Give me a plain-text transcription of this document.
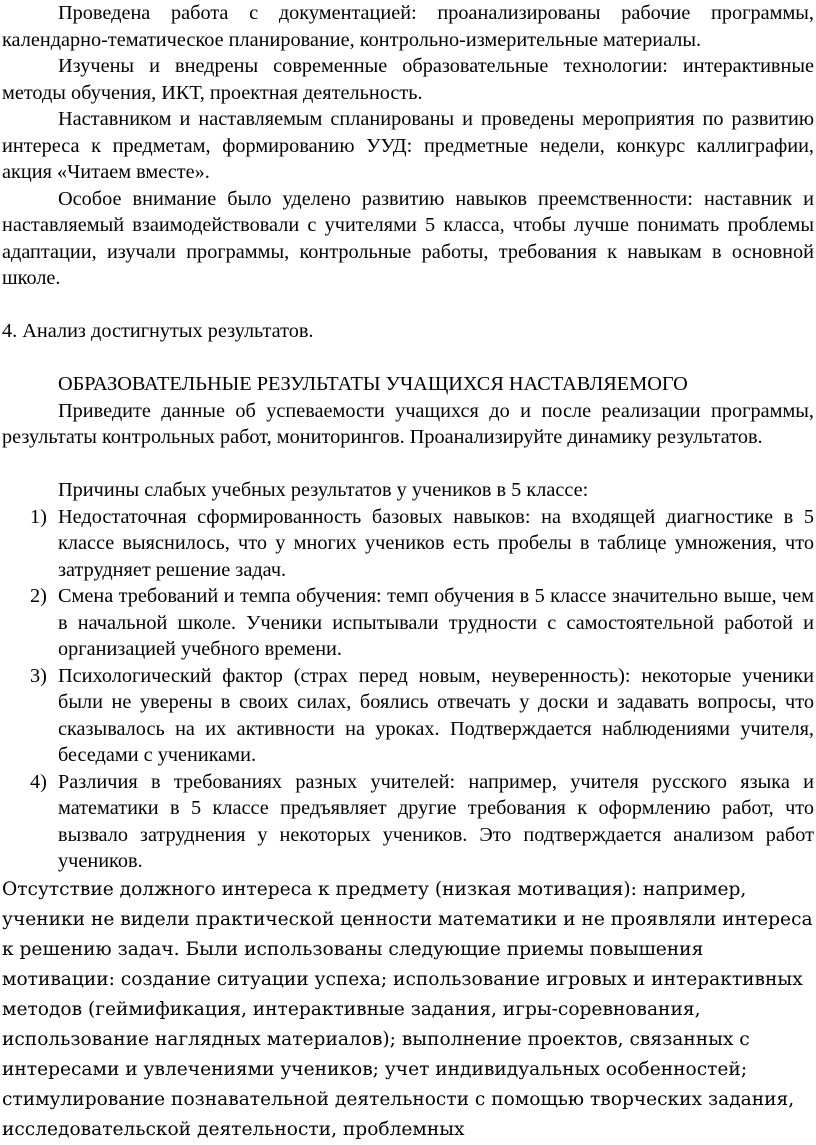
Проведена работа с документацией: проанализированы рабочие программы, календарно-тематическое планирование, контрольно-измерительные материалы.

Изучены и внедрены современные образовательные технологии: интерактивные методы обучения, ИКТ, проектная деятельность.

Наставником и наставляемым спланированы и проведены мероприятия по развитию интереса к предметам, формированию УУД: предметные недели, конкурс каллиграфии, акция «Читаем вместе».

Особое внимание было уделено развитию навыков преемственности: наставник и наставляемый взаимодействовали с учителями 5 класса, чтобы лучше понимать проблемы адаптации, изучали программы, контрольные работы, требования к навыкам в основной школе.

4. Анализ достигнутых результатов.

ОБРАЗОВАТЕЛЬНЫЕ РЕЗУЛЬТАТЫ УЧАЩИХСЯ НАСТАВЛЯЕМОГО

Приведите данные об успеваемости учащихся до и после реализации программы, результаты контрольных работ, мониторингов. Проанализируйте динамику результатов.

Причины слабых учебных результатов у учеников в 5 классе:

1) Недостаточная сформированность базовых навыков: на входящей диагностике в 5 классе выяснилось, что у многих учеников есть пробелы в таблице умножения, что затрудняет решение задач.
2) Смена требований и темпа обучения: темп обучения в 5 классе значительно выше, чем в начальной школе. Ученики испытывали трудности с самостоятельной работой и организацией учебного времени.
3) Психологический фактор (страх перед новым, неуверенность): некоторые ученики были не уверены в своих силах, боялись отвечать у доски и задавать вопросы, что сказывалось на их активности на уроках. Подтверждается наблюдениями учителя, беседами с учениками.
4) Различия в требованиях разных учителей: например, учителя русского языка и математики в 5 классе предъявляет другие требования к оформлению работ, что вызвало затруднения у некоторых учеников. Это подтверждается анализом работ учеников.

Отсутствие должного интереса к предмету (низкая мотивация): например, ученики не видели практической ценности математики и не проявляли интереса к решению задач. Были использованы следующие приемы повышения мотивации: создание ситуации успеха; использование игровых и интерактивных методов (геймификация, интерактивные задания, игры-соревнования, использование наглядных материалов); выполнение проектов, связанных с интересами и увлечениями учеников; учет индивидуальных особенностей; стимулирование познавательной деятельности с помощью творческих задания, исследовательской деятельности, проблемных
